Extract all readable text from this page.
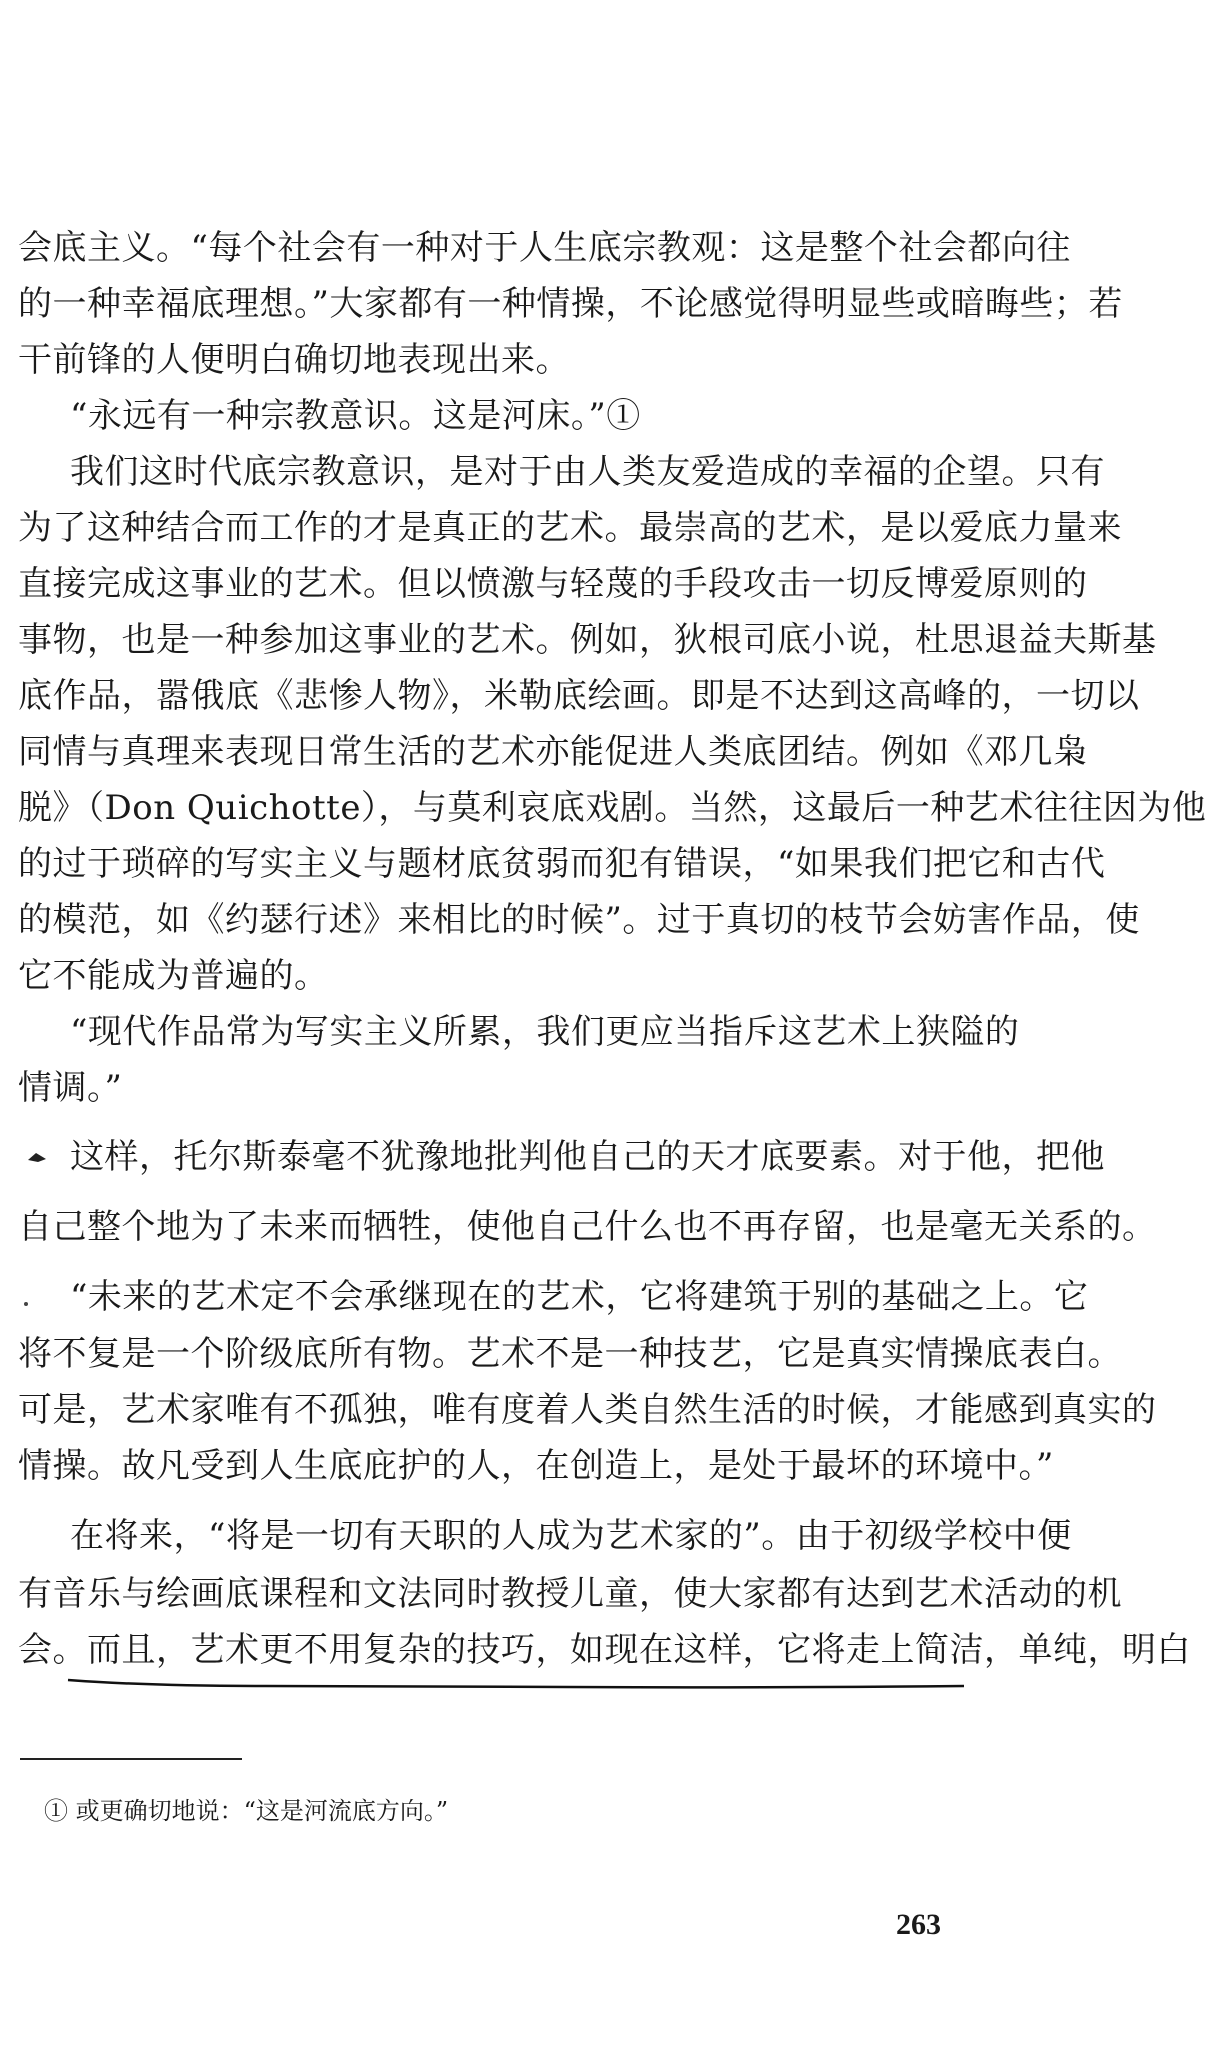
会底主义。“每个社会有一种对于人生底宗教观：这是整个社会都向往
的一种幸福底理想。”大家都有一种情操，不论感觉得明显些或暗晦些；若
干前锋的人便明白确切地表现出来。
“永远有一种宗教意识。这是河床。”①
我们这时代底宗教意识，是对于由人类友爱造成的幸福的企望。只有
为了这种结合而工作的才是真正的艺术。最崇高的艺术，是以爱底力量来
直接完成这事业的艺术。但以愤激与轻蔑的手段攻击一切反博爱原则的
事物，也是一种参加这事业的艺术。例如，狄根司底小说，杜思退益夫斯基
底作品，嚣俄底《悲惨人物》，米勒底绘画。即是不达到这高峰的，一切以
同情与真理来表现日常生活的艺术亦能促进人类底团结。例如《邓几枭
脱》（Don Quichotte），与莫利哀底戏剧。当然，这最后一种艺术往往因为他
的过于琐碎的写实主义与题材底贫弱而犯有错误，“如果我们把它和古代
的模范，如《约瑟行述》来相比的时候”。过于真切的枝节会妨害作品，使
它不能成为普遍的。
“现代作品常为写实主义所累，我们更应当指斥这艺术上狭隘的
情调。”
这样，托尔斯泰毫不犹豫地批判他自己的天才底要素。对于他，把他
自己整个地为了未来而牺牲，使他自己什么也不再存留，也是毫无关系的。
“未来的艺术定不会承继现在的艺术，它将建筑于别的基础之上。它
将不复是一个阶级底所有物。艺术不是一种技艺，它是真实情操底表白。
可是，艺术家唯有不孤独，唯有度着人类自然生活的时候，才能感到真实的
情操。故凡受到人生底庇护的人，在创造上，是处于最坏的环境中。”
在将来，“将是一切有天职的人成为艺术家的”。由于初级学校中便
有音乐与绘画底课程和文法同时教授儿童，使大家都有达到艺术活动的机
会。而且，艺术更不用复杂的技巧，如现在这样，它将走上简洁，单纯，明白
① 或更确切地说：“这是河流底方向。”
263
